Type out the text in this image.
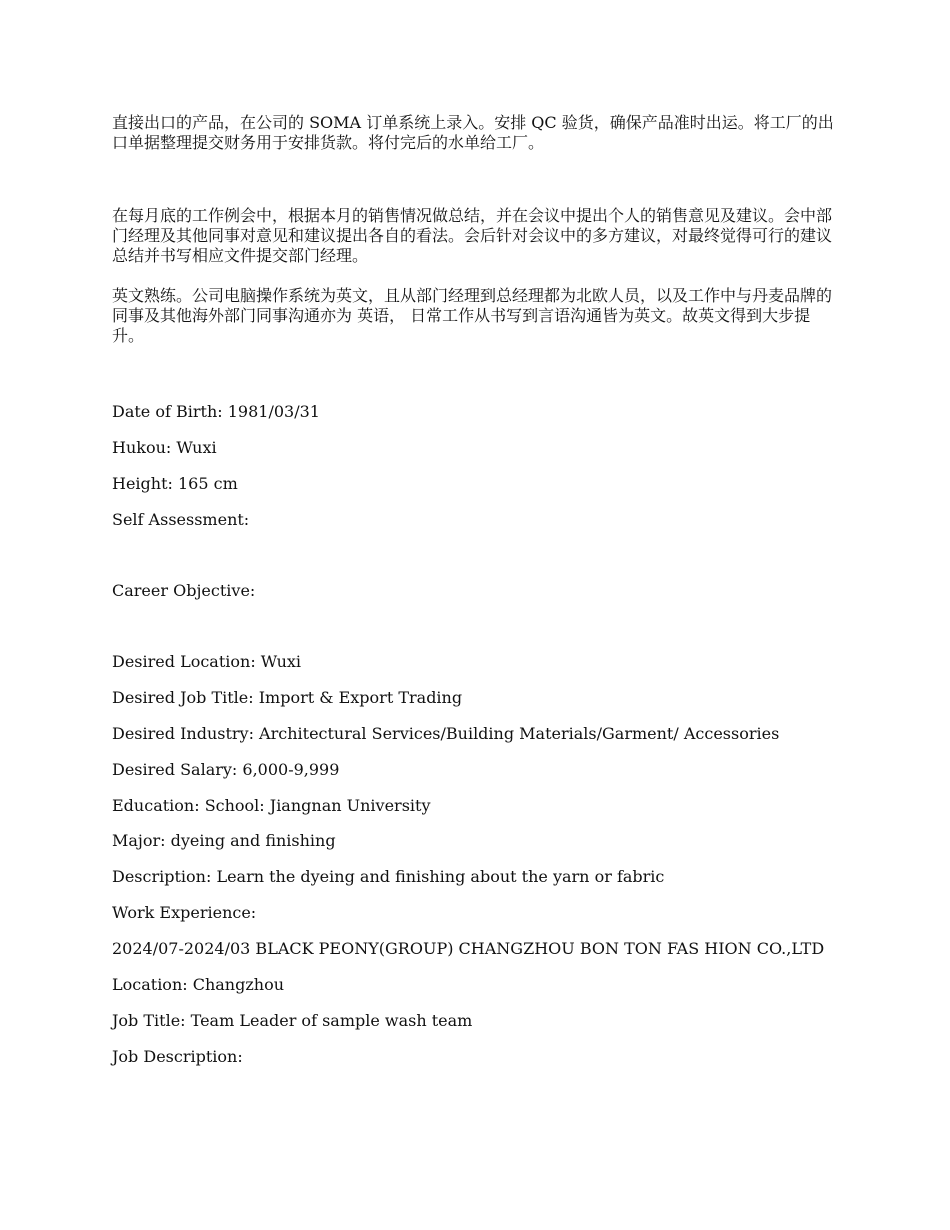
直接出口的产品，在公司的 SOMA 订单系统上录入。安排 QC 验货，确保产品准时出运。将工厂的出口单据整理提交财务用于安排货款。将付完后的水单给工厂。

在每月底的工作例会中，根据本月的销售情况做总结，并在会议中提出个人的销售意见及建议。会中部门经理及其他同事对意见和建议提出各自的看法。会后针对会议中的多方建议，对最终觉得可行的建议总结并书写相应文件提交部门经理。

英文熟练。公司电脑操作系统为英文，且从部门经理到总经理都为北欧人员，以及工作中与丹麦品牌的同事及其他海外部门同事沟通亦为 英语， 日常工作从书写到言语沟通皆为英文。故英文得到大步提升。

Date of Birth: 1981/03/31

Hukou: Wuxi

Height: 165 cm

Self Assessment:

Career Objective:

Desired Location: Wuxi

Desired Job Title: Import & Export Trading

Desired Industry: Architectural Services/Building Materials/Garment/ Accessories

Desired Salary: 6,000-9,999

Education: School: Jiangnan University

Major: dyeing and finishing

Description: Learn the dyeing and finishing about the yarn or fabric

Work Experience:

2024/07-2024/03 BLACK PEONY(GROUP) CHANGZHOU BON TON FAS HION CO.,LTD

Location: Changzhou

Job Title: Team Leader of sample wash team

Job Description:
